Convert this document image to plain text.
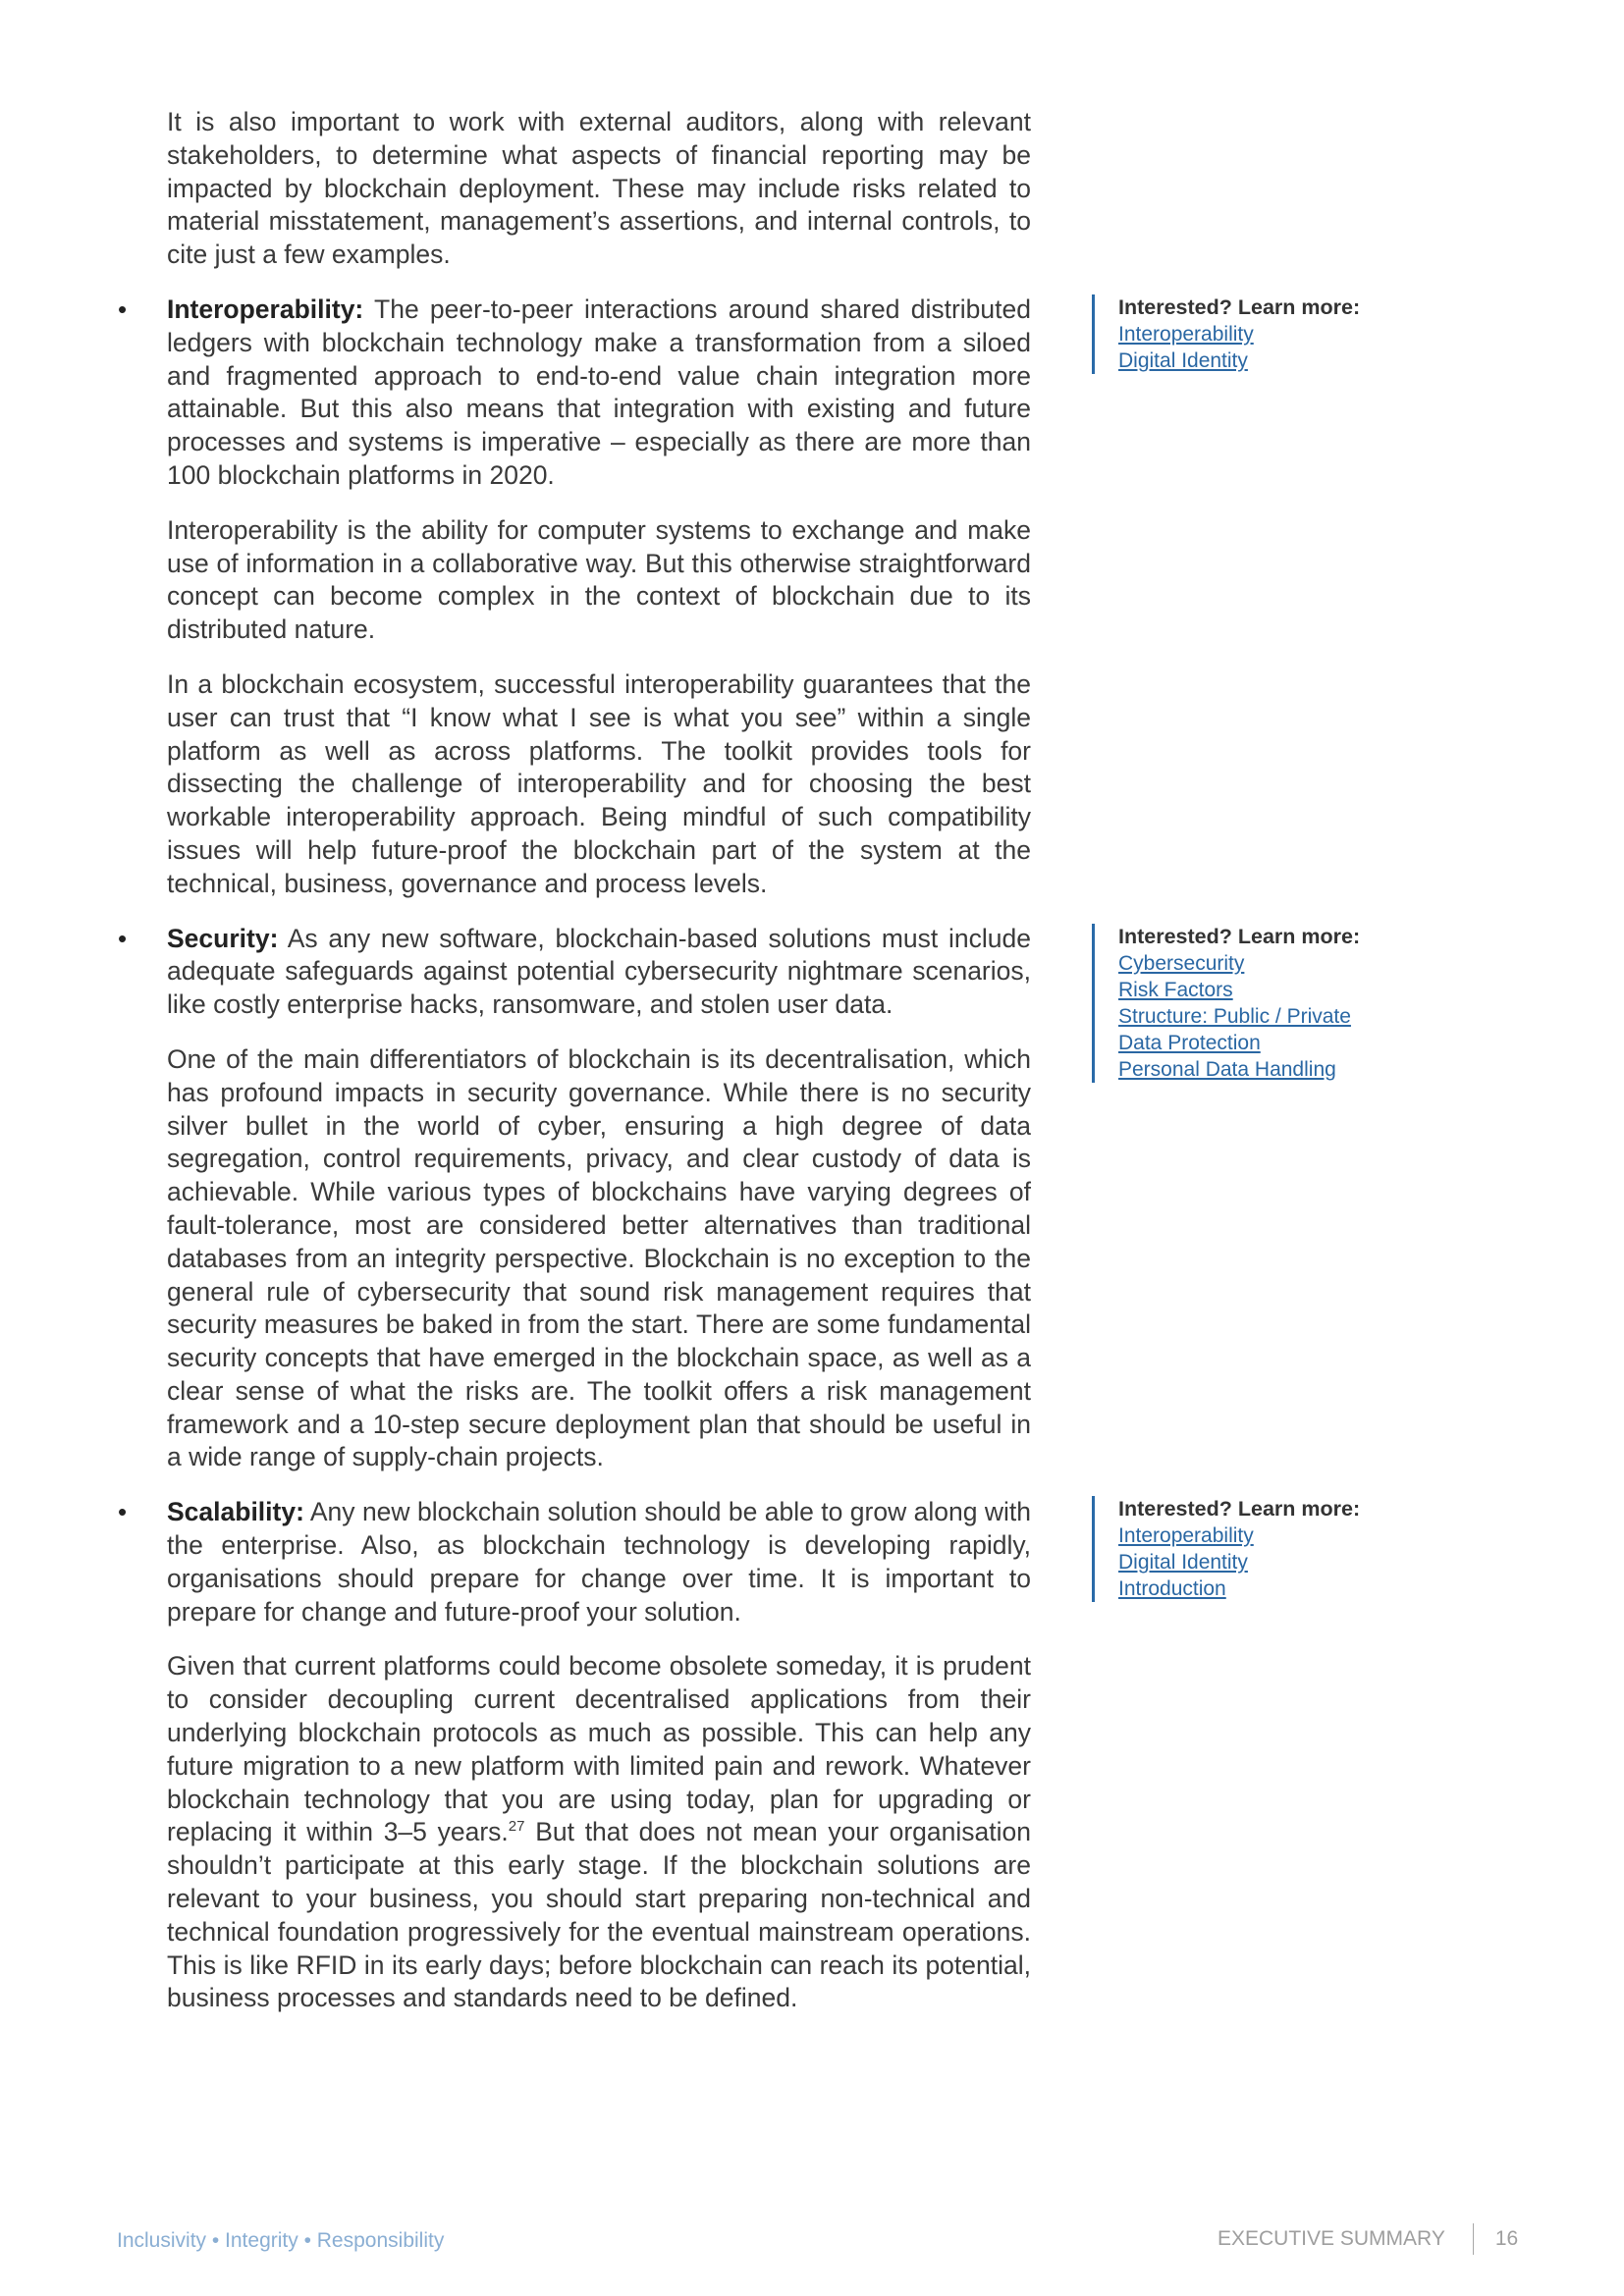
It is also important to work with external auditors, along with relevant stakeholders, to determine what aspects of financial reporting may be impacted by blockchain deployment. These may include risks related to material misstatement, management’s assertions, and internal controls, to cite just a few examples.

• Interoperability: The peer-to-peer interactions around shared distributed ledgers with blockchain technology make a transformation from a siloed and fragmented approach to end-to-end value chain integration more attainable. But this also means that integration with existing and future processes and systems is imperative – especially as there are more than 100 blockchain platforms in 2020.

Interoperability is the ability for computer systems to exchange and make use of information in a collaborative way. But this otherwise straightforward concept can become complex in the context of blockchain due to its distributed nature.

In a blockchain ecosystem, successful interoperability guarantees that the user can trust that “I know what I see is what you see” within a single platform as well as across platforms. The toolkit provides tools for dissecting the challenge of interoperability and for choosing the best workable interoperability approach. Being mindful of such compatibility issues will help future-proof the blockchain part of the system at the technical, business, governance and process levels.

• Security: As any new software, blockchain-based solutions must include adequate safeguards against potential cybersecurity nightmare scenarios, like costly enterprise hacks, ransomware, and stolen user data.

One of the main differentiators of blockchain is its decentralisation, which has profound impacts in security governance. While there is no security silver bullet in the world of cyber, ensuring a high degree of data segregation, control requirements, privacy, and clear custody of data is achievable. While various types of blockchains have varying degrees of fault-tolerance, most are considered better alternatives than traditional databases from an integrity perspective. Blockchain is no exception to the general rule of cybersecurity that sound risk management requires that security measures be baked in from the start. There are some fundamental security concepts that have emerged in the blockchain space, as well as a clear sense of what the risks are. The toolkit offers a risk management framework and a 10-step secure deployment plan that should be useful in a wide range of supply-chain projects.

• Scalability: Any new blockchain solution should be able to grow along with the enterprise. Also, as blockchain technology is developing rapidly, organisations should prepare for change over time. It is important to prepare for change and future-proof your solution.

Given that current platforms could become obsolete someday, it is prudent to consider decoupling current decentralised applications from their underlying blockchain protocols as much as possible. This can help any future migration to a new platform with limited pain and rework. Whatever blockchain technology that you are using today, plan for upgrading or replacing it within 3–5 years.$^{27}$ But that does not mean your organisation shouldn’t participate at this early stage. If the blockchain solutions are relevant to your business, you should start preparing non-technical and technical foundation progressively for the eventual mainstream operations. This is like RFID in its early days; before blockchain can reach its potential, business processes and standards need to be defined.

Interested? Learn more:
Interoperability
Digital Identity
Interested? Learn more:
Cybersecurity
Risk Factors
Structure: Public / Private
Data Protection
Personal Data Handling
Interested? Learn more:
Interoperability
Digital Identity
Introduction
Inclusivity • Integrity • Responsibility	EXECUTIVE SUMMARY 16
